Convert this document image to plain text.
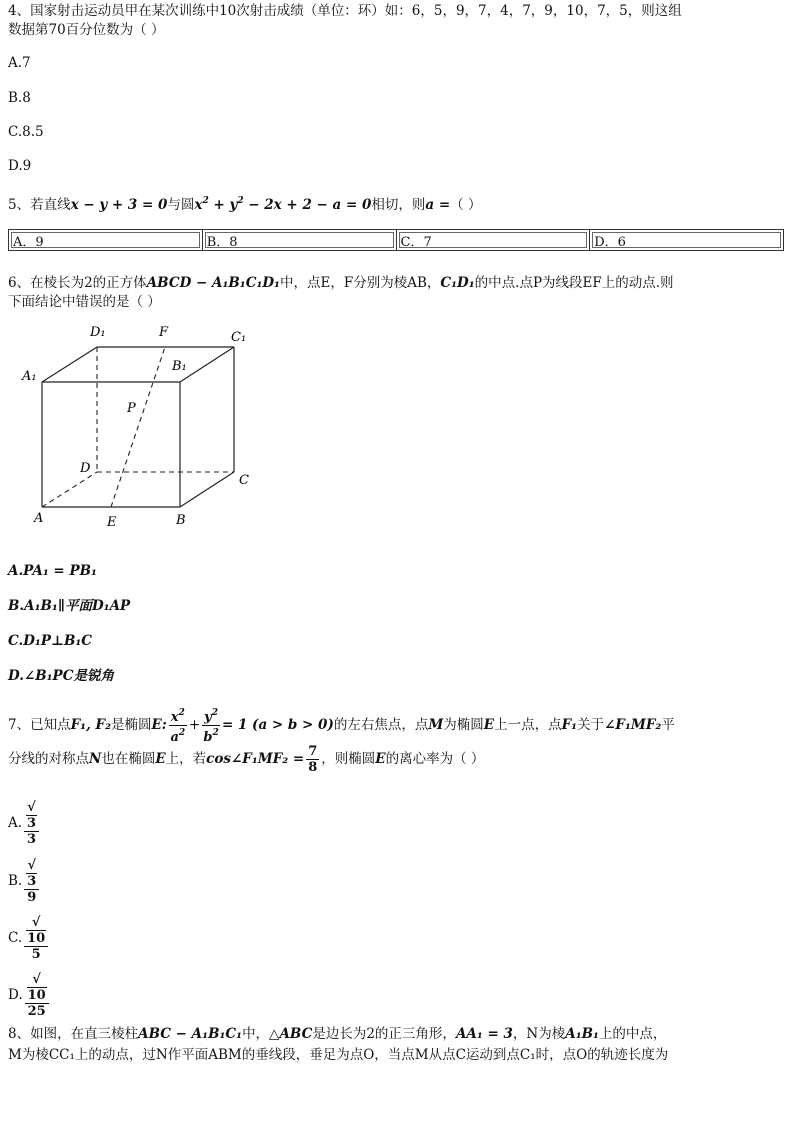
4、国家射击运动员甲在某次训练中10次射击成绩（单位：环）如：6，5，9，7，4，7，9，10，7，5，则这组
数据第70百分位数为（ ）
A.7
B.8
C.8.5
D.9
5、若直线x − y + 3 = 0与圆$x^2 + y^2 - 2x + 2 - a = 0$相切，则a =（ ）
A．9	B．8	C．7	D．6
6、在棱长为2的正方体ABCD − A₁B₁C₁D₁中，点E，F分别为棱AB，C₁D₁的中点.点P为线段EF上的动点.则
下面结论中错误的是（ ）
D₁	F	C₁
A₁
B₁
P
D
C
A	E	B
A.PA₁ = PB₁
B.A₁B₁∥平面D₁AP
C.D₁P⊥B₁C
D.∠B₁PC是锐角
7、已知点F₁, F₂是椭圆E: $\frac{x^2}{a^2} + \frac{y^2}{b^2} = 1$ (a > b > 0)的左右焦点，点M为椭圆E上一点，点F₁关于∠F₁MF₂平
分线的对称点N也在椭圆E上，若cos∠F₁MF₂ = $\frac{7}{8}$ ，则椭圆E的离心率为（ ）
A. √
3
3
B. √
3
9
C. √
10
5
D. √
10
25
8、如图，在直三棱柱ABC − A₁B₁C₁中，△ABC是边长为2的正三角形，AA₁ = 3，N为棱A₁B₁上的中点，
M为棱CC₁上的动点，过N作平面ABM的垂线段，垂足为点O，当点M从点C运动到点C₁时，点O的轨迹长度为
